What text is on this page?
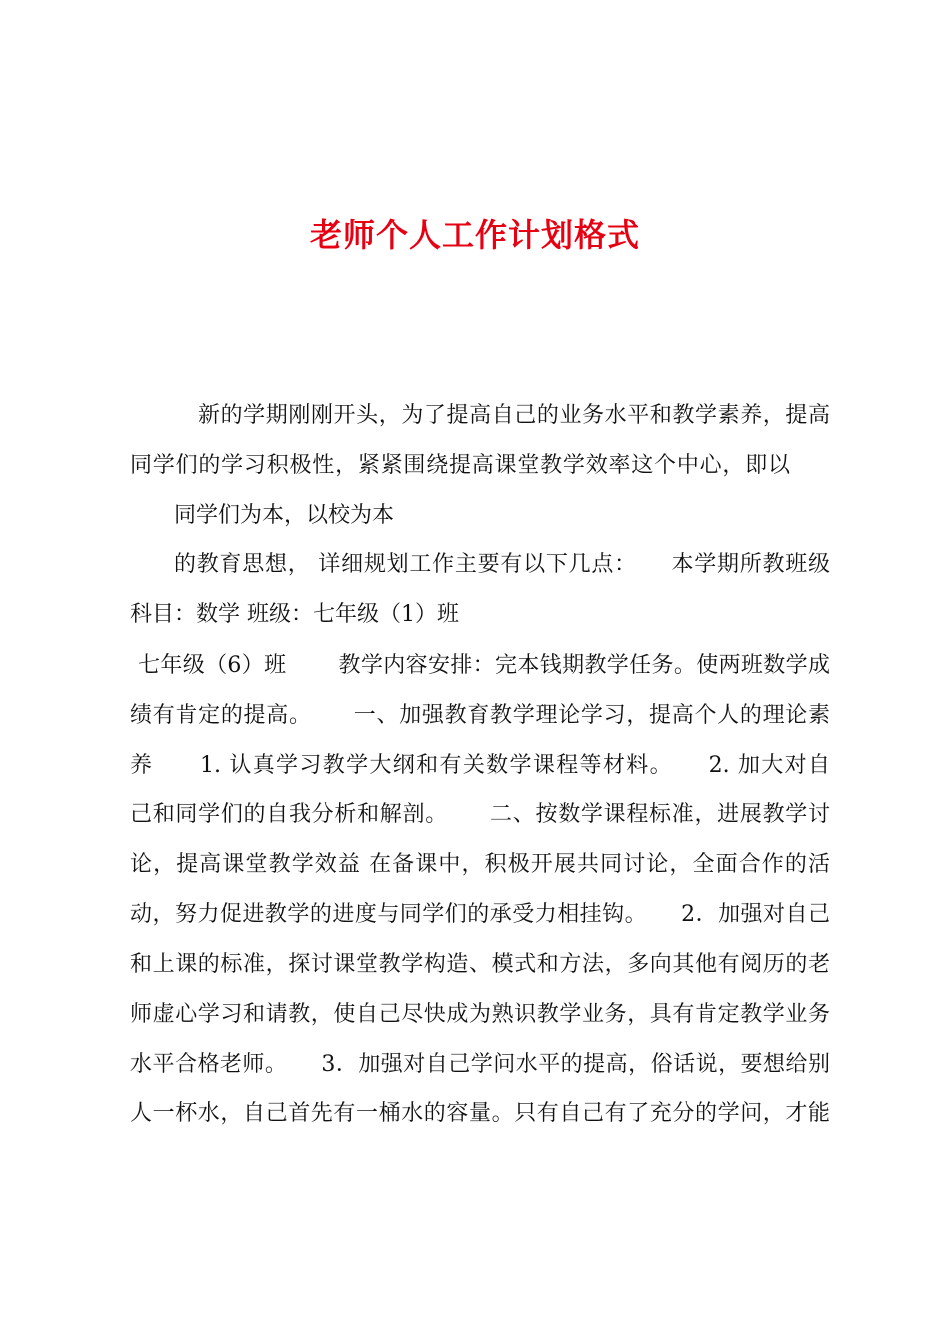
老师个人工作计划格式
新的学期刚刚开头，为了提高自己的业务水平和教学素养，提高
同学们的学习积极性，紧紧围绕提高课堂教学效率这个中心，即以
同学们为本，以校为本
的教育思想， 详细规划工作主要有以下几点：　　本学期所教班级
科目：数学 班级：七年级（1）班
七年级（6）班　　 教学内容安排：完本钱期教学任务。使两班数学成
绩有肯定的提高。　　 一、加强教育教学理论学习，提高个人的理论素
养　　1. 认真学习教学大纲和有关数学课程等材料。　　2. 加大对自
己和同学们的自我分析和解剖。　　 二、按数学课程标准，进展教学讨
论，提高课堂教学效益 在备课中，积极开展共同讨论，全面合作的活
动，努力促进教学的进度与同学们的承受力相挂钩。　　2．加强对自己
和上课的标准，探讨课堂教学构造、模式和方法，多向其他有阅历的老
师虚心学习和请教，使自己尽快成为熟识教学业务，具有肯定教学业务
水平合格老师。　　3．加强对自己学问水平的提高，俗话说，要想给别
人一杯水，自己首先有一桶水的容量。只有自己有了充分的学问，才能
